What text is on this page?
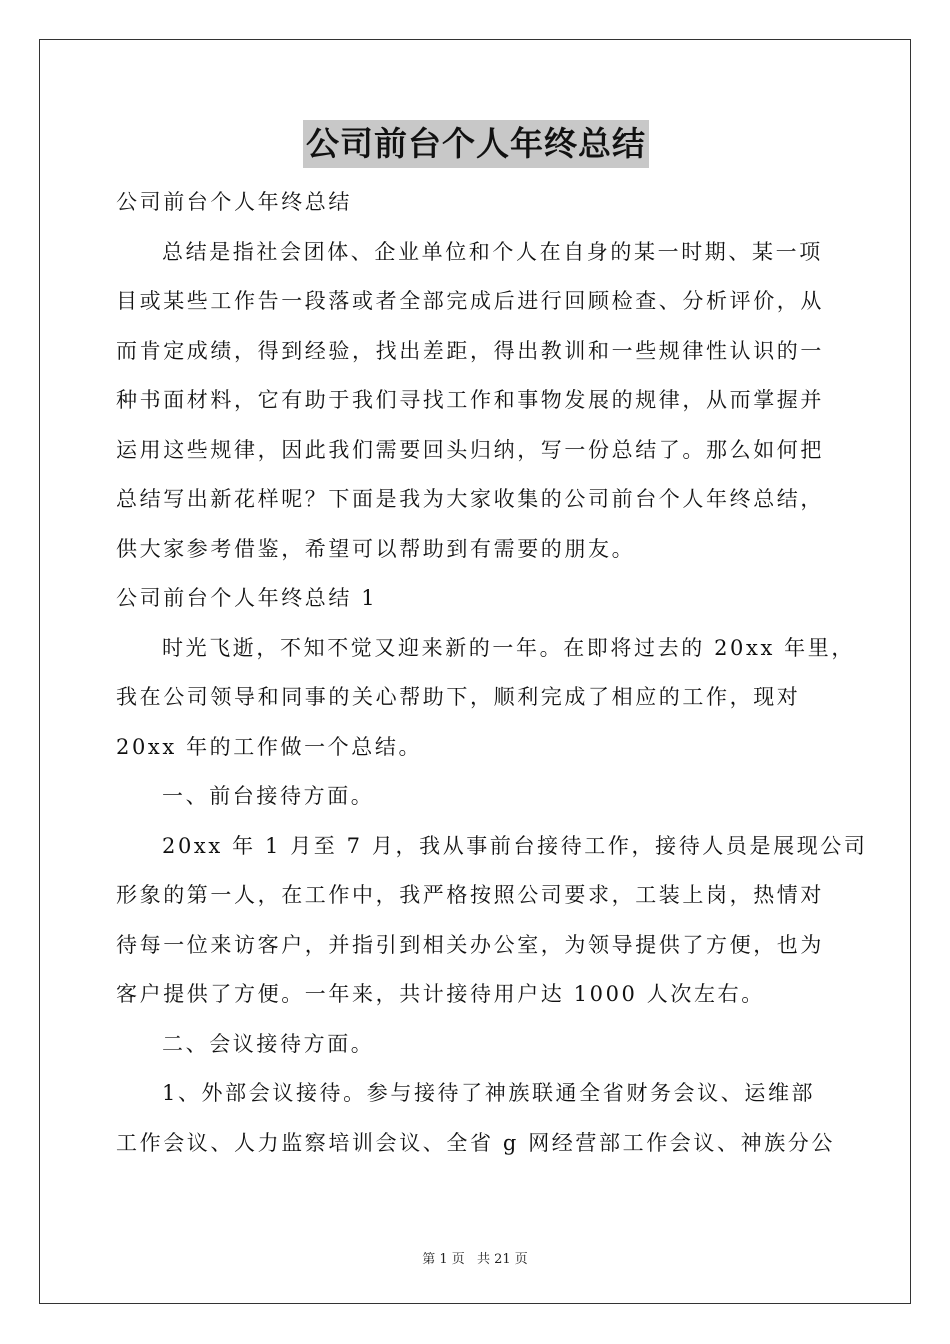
公司前台个人年终总结
公司前台个人年终总结
总结是指社会团体、企业单位和个人在自身的某一时期、某一项
目或某些工作告一段落或者全部完成后进行回顾检查、分析评价，从
而肯定成绩，得到经验，找出差距，得出教训和一些规律性认识的一
种书面材料，它有助于我们寻找工作和事物发展的规律，从而掌握并
运用这些规律，因此我们需要回头归纳，写一份总结了。那么如何把
总结写出新花样呢？下面是我为大家收集的公司前台个人年终总结，
供大家参考借鉴，希望可以帮助到有需要的朋友。
公司前台个人年终总结 1
时光飞逝，不知不觉又迎来新的一年。在即将过去的 20xx 年里，
我在公司领导和同事的关心帮助下，顺利完成了相应的工作，现对
20xx 年的工作做一个总结。
一、前台接待方面。
20xx 年 1 月至 7 月，我从事前台接待工作，接待人员是展现公司
形象的第一人，在工作中，我严格按照公司要求，工装上岗，热情对
待每一位来访客户，并指引到相关办公室，为领导提供了方便，也为
客户提供了方便。一年来，共计接待用户达 1000 人次左右。
二、会议接待方面。
1、外部会议接待。参与接待了神族联通全省财务会议、运维部
工作会议、人力监察培训会议、全省 g 网经营部工作会议、神族分公
第 1 页 共 21 页
